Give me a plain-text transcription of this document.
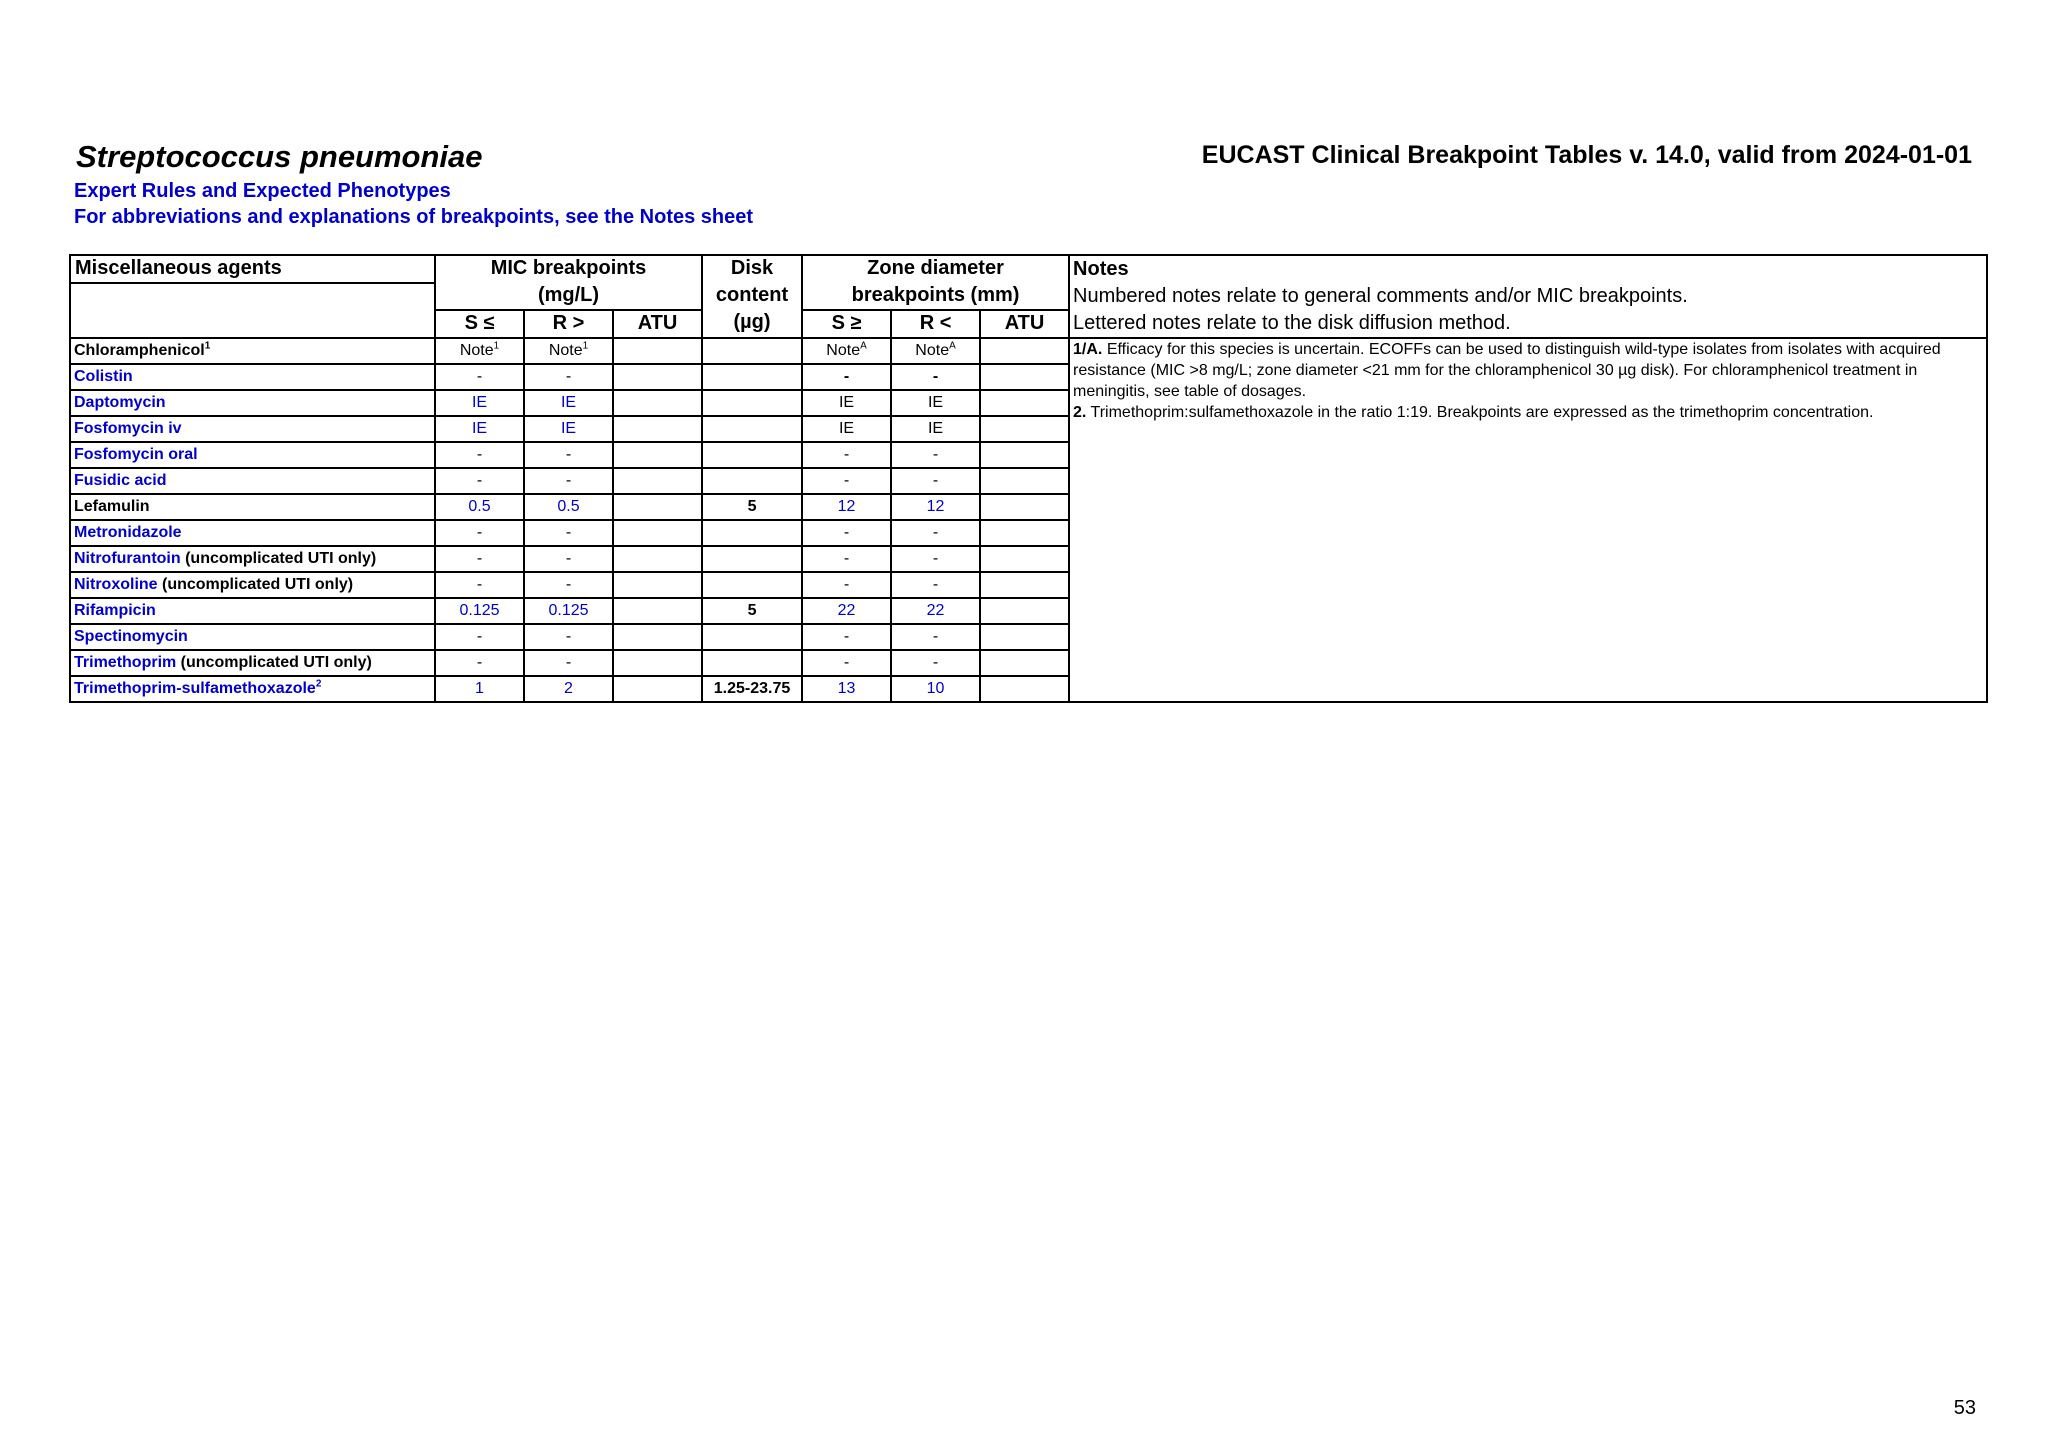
Streptococcus pneumoniae	EUCAST Clinical Breakpoint Tables v. 14.0, valid from 2024-01-01
Expert Rules and Expected Phenotypes
For abbreviations and explanations of breakpoints, see the Notes sheet
Miscellaneous agents	MIC breakpoints			Disk	Zone diameter			Notes
	(mg/L)			content	breakpoints (mm)			Numbered notes relate to general comments and/or MIC breakpoints.
	S ≤	R >	ATU	(µg)	S ≥	R <	ATU	Lettered notes relate to the disk diffusion method.
Chloramphenicol$^1$	Note$^1$	Note$^1$			Note$^A$	Note$^A$		1/A. Efficacy for this species is uncertain. ECOFFs can be used to distinguish wild-type isolates from isolates with acquired resistance (MIC >8 mg/L; zone diameter <21 mm for the chloramphenicol 30 µg disk). For chloramphenicol treatment in meningitis, see table of dosages.
2. Trimethoprim:sulfamethoxazole in the ratio 1:19. Breakpoints are expressed as the trimethoprim concentration.

Colistin	-	-			-	-		
Daptomycin	IE	IE			IE	IE		
Fosfomycin iv	IE	IE			IE	IE		
Fosfomycin oral	-	-			-	-		
Fusidic acid	-	-			-	-		
Lefamulin	0.5	0.5		5	12	12		
Metronidazole	-	-			-	-		
Nitrofurantoin (uncomplicated UTI only)	-	-			-	-		
Nitroxoline (uncomplicated UTI only)	-	-			-	-		
Rifampicin	0.125	0.125		5	22	22		
Spectinomycin	-	-			-	-		
Trimethoprim (uncomplicated UTI only)	-	-			-	-		
Trimethoprim-sulfamethoxazole$^2$	1	2		1.25-23.75	13	10		
53
